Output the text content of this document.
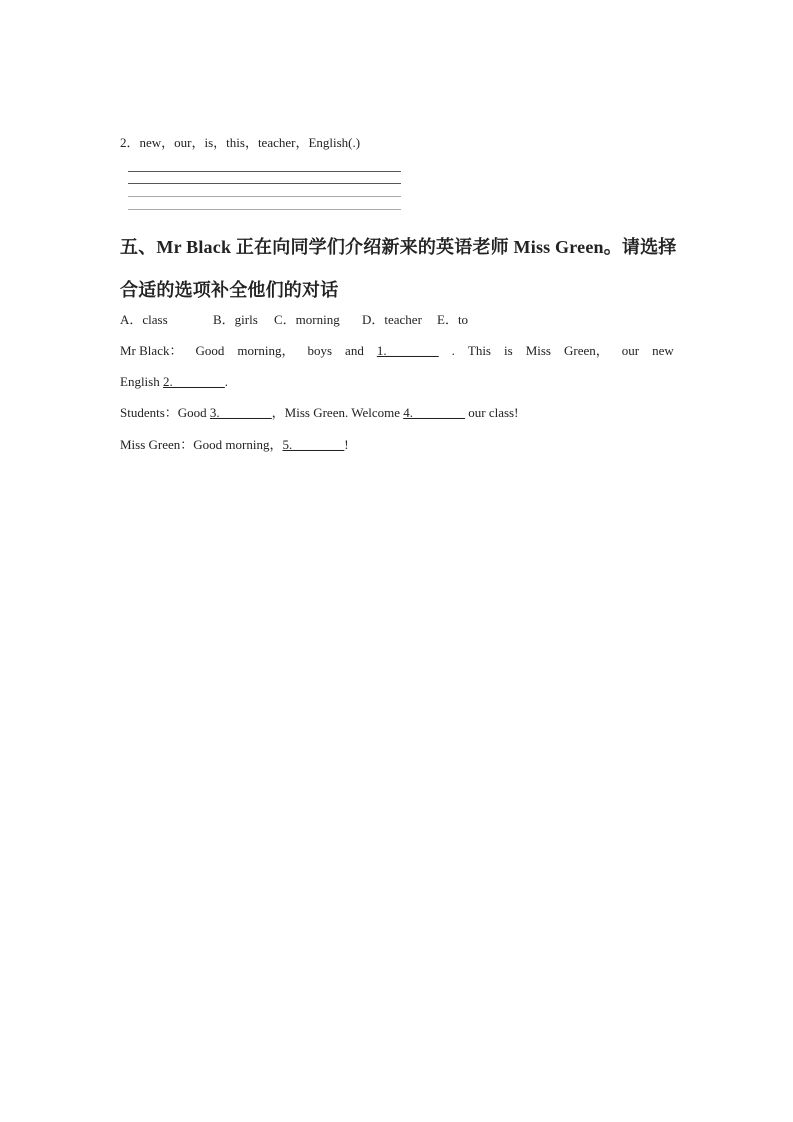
2．new，our，is，this，teacher，English(.)
五、Mr Black 正在向同学们介绍新来的英语老师 Miss Green。请选择合适的选项补全他们的对话
A．class	B．girls C．morning D．teacher E．to
Mr Black： Good morning， boys and 1.________ . This is Miss Green， our new
English 2.________.
Students：Good 3.________，Miss Green. Welcome 4.________ our class!
Miss Green：Good morning，5.________!
